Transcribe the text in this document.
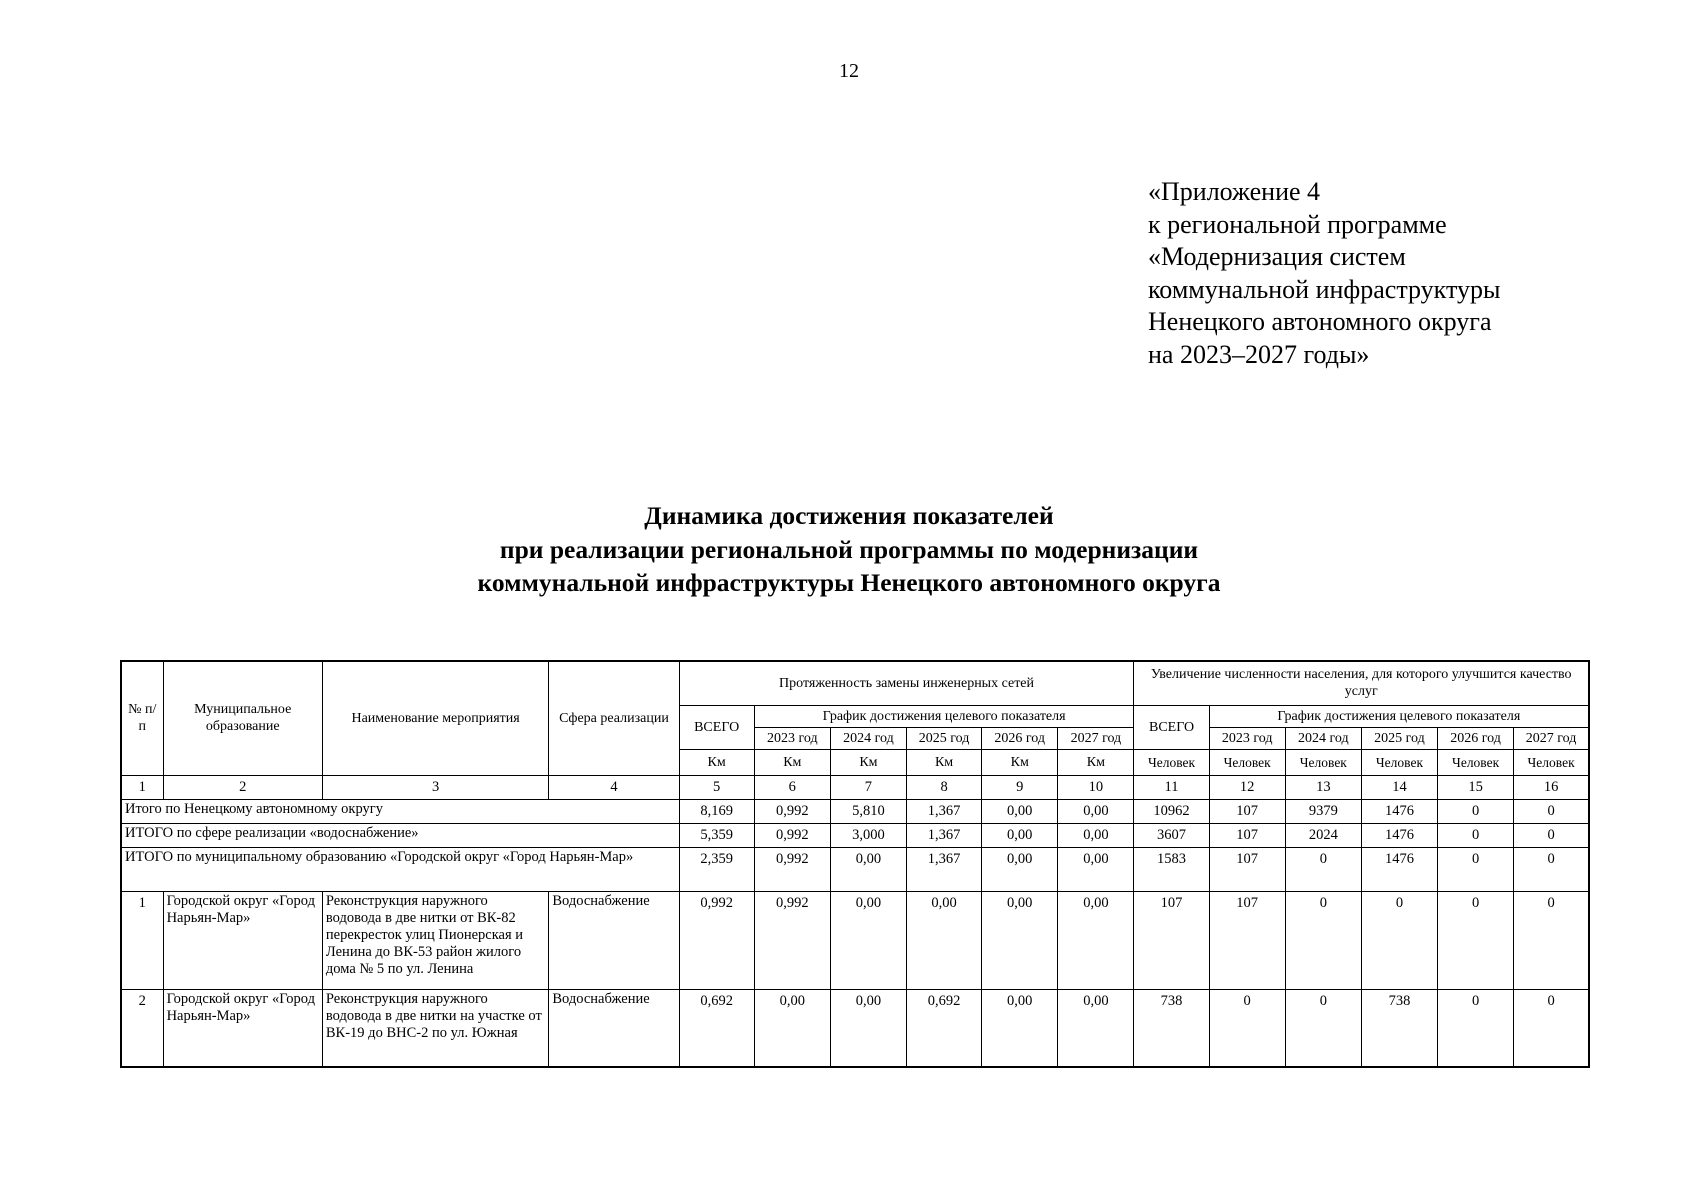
12
«Приложение 4
к региональной программе
«Модернизация систем
коммунальной инфраструктуры
Ненецкого автономного округа
на 2023–2027 годы»
Динамика достижения показателей
при реализации региональной программы по модернизации
коммунальной инфраструктуры Ненецкого автономного округа
№ п/п	Муниципальное образование	Наименование мероприятия	Сфера реализации	Протяженность замены инженерных сетей						Увеличение численности населения, для которого улучшится качество услуг					
				ВСЕГО	График достижения целевого показателя					ВСЕГО	График достижения целевого показателя				
					2023 год	2024 год	2025 год	2026 год	2027 год		2023 год	2024 год	2025 год	2026 год	2027 год
				Км	Км	Км	Км	Км	Км	Человек	Человек	Человек	Человек	Человек	Человек
1	2	3	4	5	6	7	8	9	10	11	12	13	14	15	16
Итого по Ненецкому автономному округу				8,169	0,992	5,810	1,367	0,00	0,00	10962	107	9379	1476	0	0
ИТОГО по сфере реализации «водоснабжение»				5,359	0,992	3,000	1,367	0,00	0,00	3607	107	2024	1476	0	0
ИТОГО по муниципальному образованию «Городской округ «Город Нарьян-Мар»				2,359	0,992	0,00	1,367	0,00	0,00	1583	107	0	1476	0	0
1	Городской округ «Город Нарьян-Мар»	Реконструкция наружного водовода в две нитки от ВК-82 перекресток улиц Пионерская и Ленина до ВК-53 район жилого дома № 5 по ул. Ленина	Водоснабжение	0,992	0,992	0,00	0,00	0,00	0,00	107	107	0	0	0	0
2	Городской округ «Город Нарьян-Мар»	Реконструкция наружного водовода в две нитки на участке от ВК-19 до ВНС-2 по ул. Южная	Водоснабжение	0,692	0,00	0,00	0,692	0,00	0,00	738	0	0	738	0	0
